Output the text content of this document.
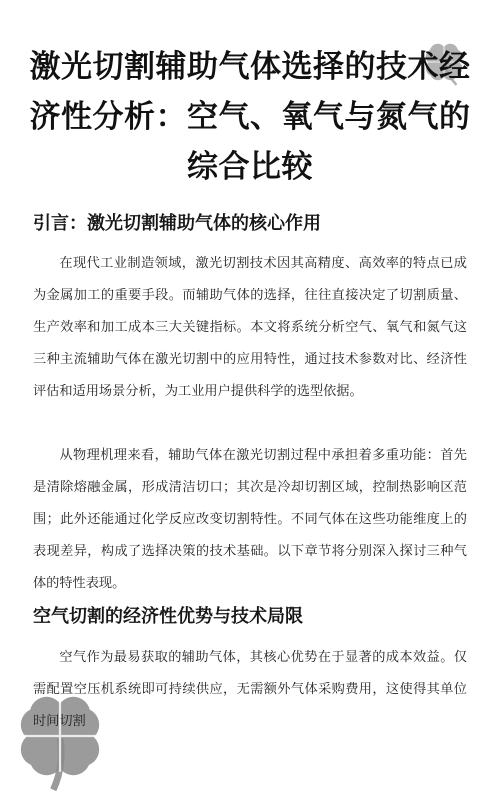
激光切割辅助气体选择的技术经济性分析：空气、氧气与氮气的综合比较
引言：激光切割辅助气体的核心作用

在现代工业制造领域，激光切割技术因其高精度、高效率的特点已成为金属加工的重要手段。而辅助气体的选择，往往直接决定了切割质量、生产效率和加工成本三大关键指标。本文将系统分析空气、氧气和氮气这三种主流辅助气体在激光切割中的应用特性，通过技术参数对比、经济性评估和适用场景分析，为工业用户提供科学的选型依据。

从物理机理来看，辅助气体在激光切割过程中承担着多重功能：首先是清除熔融金属，形成清洁切口；其次是冷却切割区域，控制热影响区范围；此外还能通过化学反应改变切割特性。不同气体在这些功能维度上的表现差异，构成了选择决策的技术基础。以下章节将分别深入探讨三种气体的特性表现。

空气切割的经济性优势与技术局限

空气作为最易获取的辅助气体，其核心优势在于显著的成本效益。仅需配置空压机系统即可持续供应，无需额外气体采购费用，这使得其单位时间切割
